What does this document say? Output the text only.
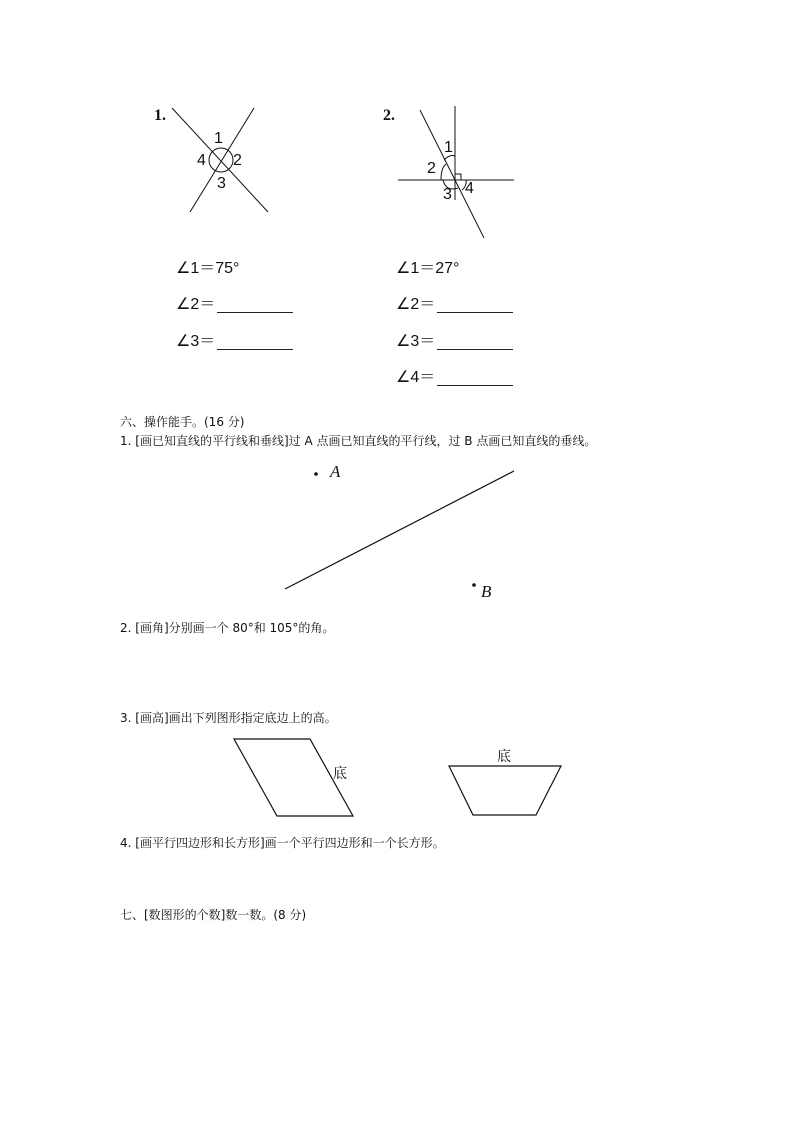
1.
1
2
3
4
2.
1
2
3 4
∠1＝75°
∠2＝
∠3＝
∠1＝27°
∠2＝
∠3＝
∠4＝
六、操作能手。(16 分)
1. [画已知直线的平行线和垂线]过 A 点画已知直线的平行线，过 B 点画已知直线的垂线。
A
B
2. [画角]分别画一个 80°和 105°的角。
3. [画高]画出下列图形指定底边上的高。
底
底
4. [画平行四边形和长方形]画一个平行四边形和一个长方形。
七、[数图形的个数]数一数。(8 分)
